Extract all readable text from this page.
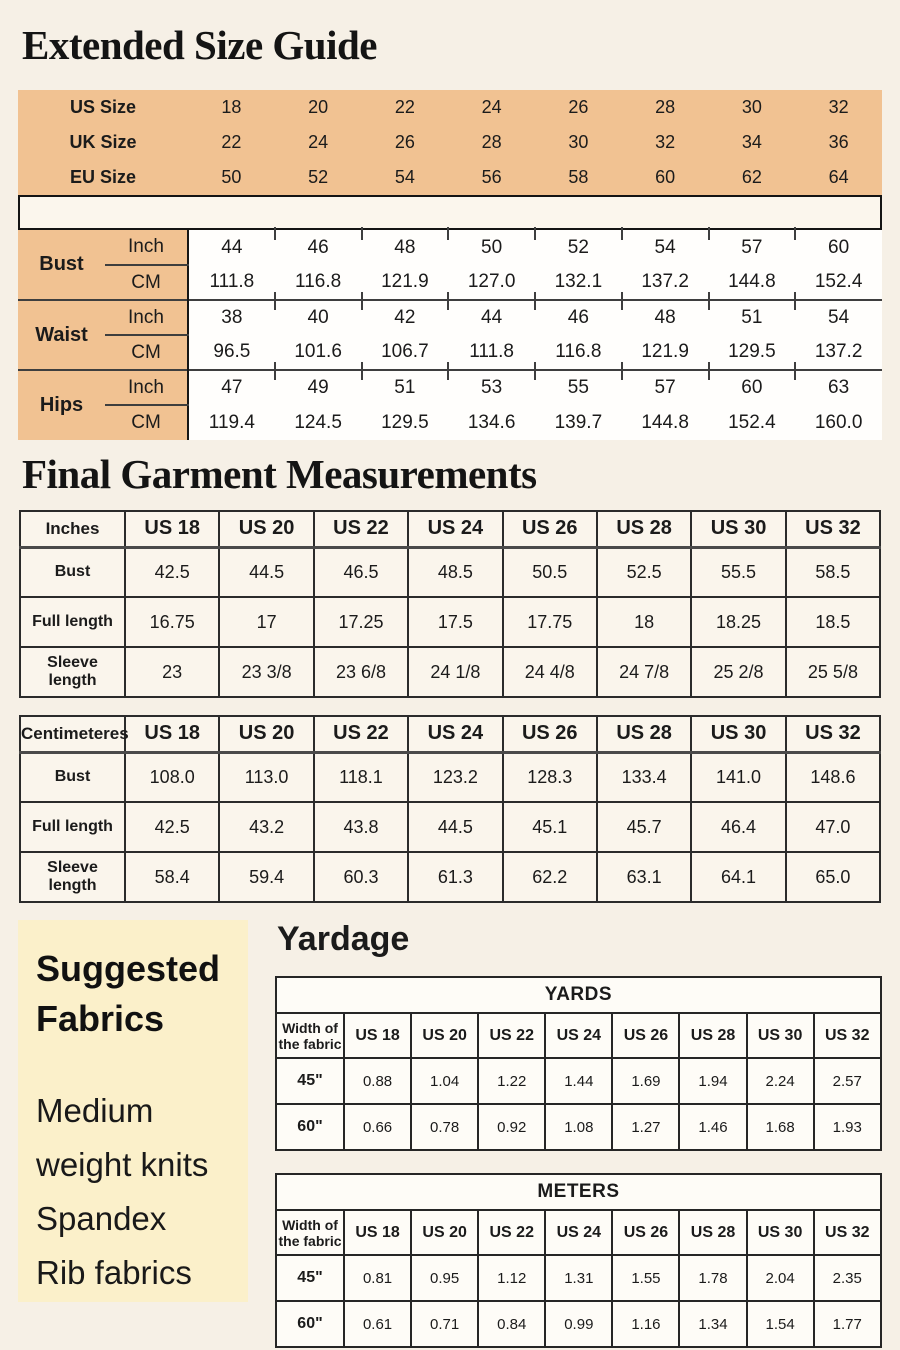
Extended Size Guide
US Size	18	20	22	24	26	28	30	32
UK Size	22	24	26	28	30	32	34	36
EU Size	50	52	54	56	58	60	62	64
Bust	Inch	44	46	48	50	52	54	57	60
	CM	111.8	116.8	121.9	127.0	132.1	137.2	144.8	152.4
Waist	Inch	38	40	42	44	46	48	51	54
	CM	96.5	101.6	106.7	111.8	116.8	121.9	129.5	137.2
Hips	Inch	47	49	51	53	55	57	60	63
	CM	119.4	124.5	129.5	134.6	139.7	144.8	152.4	160.0
Final Garment Measurements
Inches	US 18	US 20	US 22	US 24	US 26	US 28	US 30	US 32
Bust	42.5	44.5	46.5	48.5	50.5	52.5	55.5	58.5
Full length	16.75	17	17.25	17.5	17.75	18	18.25	18.5
Sleeve length	23	23 3/8	23 6/8	24 1/8	24 4/8	24 7/8	25 2/8	25 5/8
Centimeteres	US 18	US 20	US 22	US 24	US 26	US 28	US 30	US 32
Bust	108.0	113.0	118.1	123.2	128.3	133.4	141.0	148.6
Full length	42.5	43.2	43.8	44.5	45.1	45.7	46.4	47.0
Sleeve length	58.4	59.4	60.3	61.3	62.2	63.1	64.1	65.0
Suggested
Fabrics
Medium
weight knits
Spandex
Rib fabrics
Yardage
YARDS								
Width of
the fabric	US 18	US 20	US 22	US 24	US 26	US 28	US 30	US 32
45"	0.88	1.04	1.22	1.44	1.69	1.94	2.24	2.57
60"	0.66	0.78	0.92	1.08	1.27	1.46	1.68	1.93
METERS								
Width of
the fabric	US 18	US 20	US 22	US 24	US 26	US 28	US 30	US 32
45"	0.81	0.95	1.12	1.31	1.55	1.78	2.04	2.35
60"	0.61	0.71	0.84	0.99	1.16	1.34	1.54	1.77
